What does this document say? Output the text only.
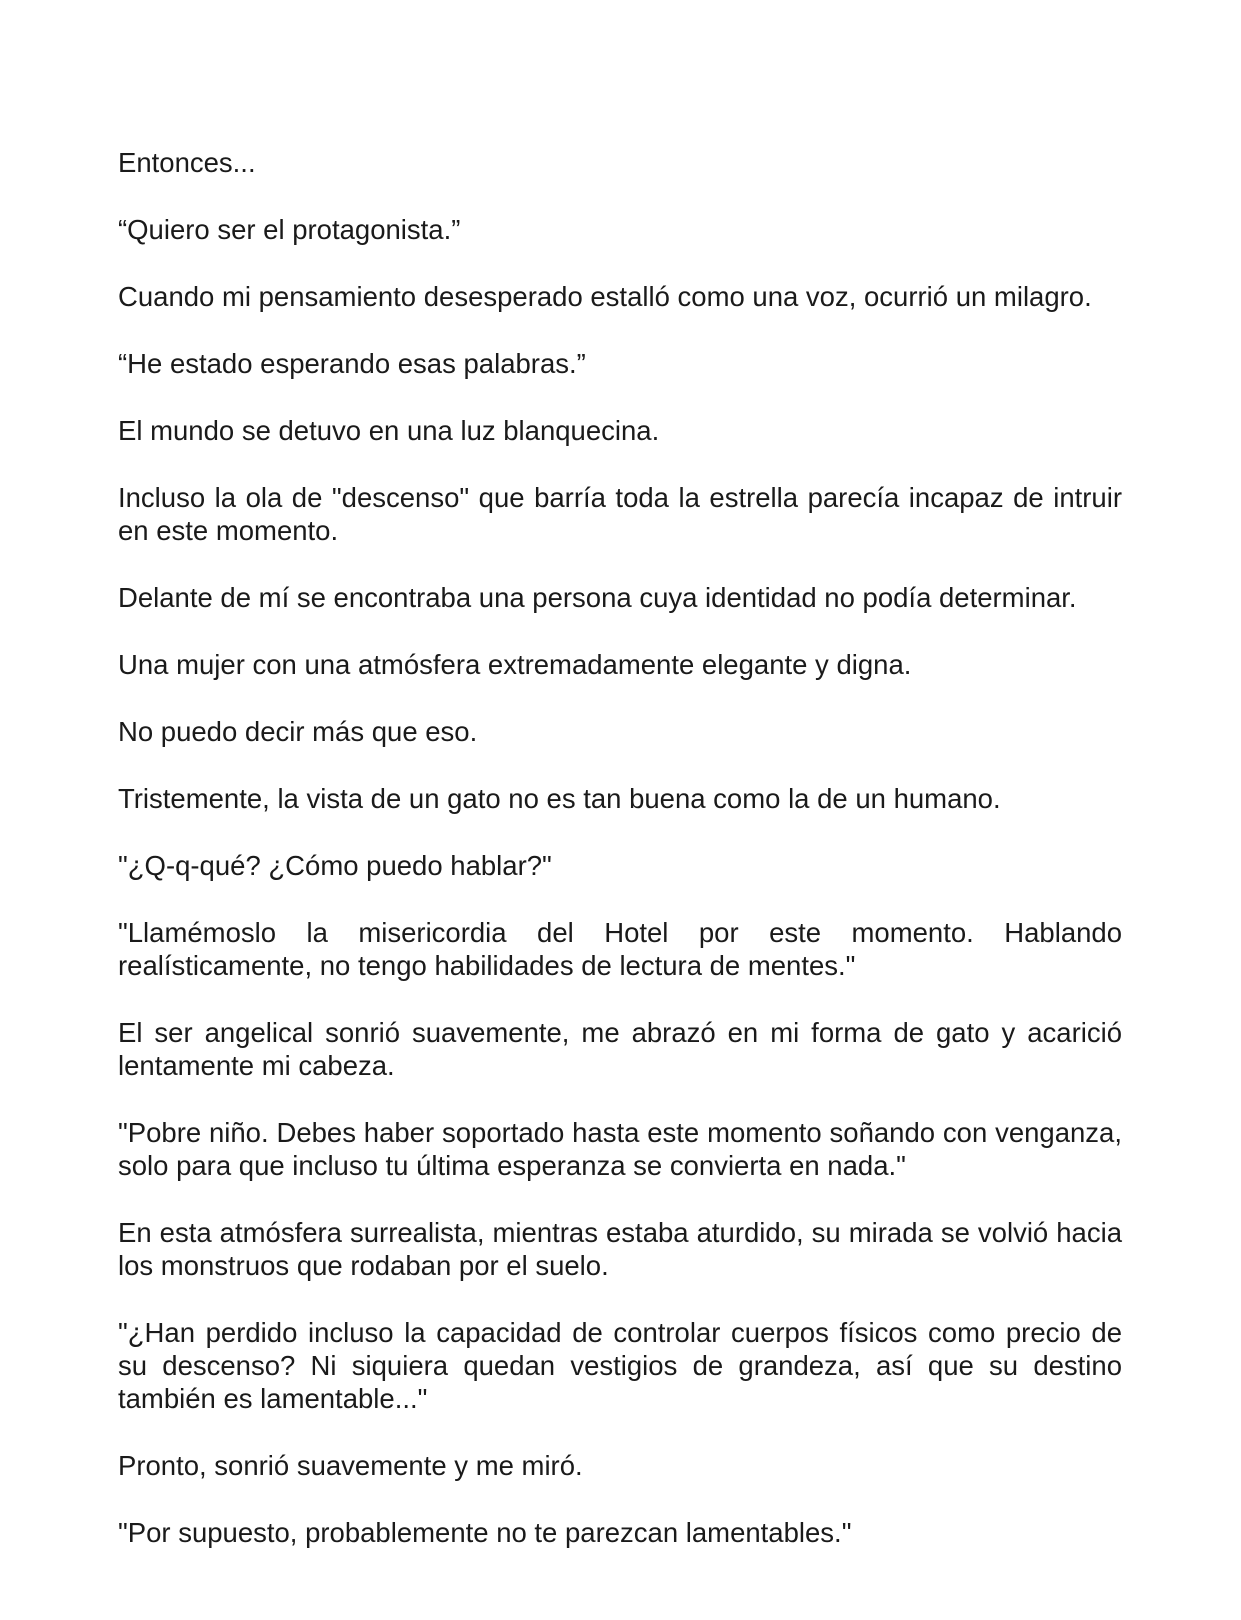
Entonces...

“Quiero ser el protagonista.”

Cuando mi pensamiento desesperado estalló como una voz, ocurrió un milagro.

“He estado esperando esas palabras.”

El mundo se detuvo en una luz blanquecina.

Incluso la ola de "descenso" que barría toda la estrella parecía incapaz de intruir en este momento.

Delante de mí se encontraba una persona cuya identidad no podía determinar.

Una mujer con una atmósfera extremadamente elegante y digna.

No puedo decir más que eso.

Tristemente, la vista de un gato no es tan buena como la de un humano.

"¿Q-q-qué? ¿Cómo puedo hablar?"

"Llamémoslo la misericordia del Hotel por este momento. Hablando realísticamente, no tengo habilidades de lectura de mentes."

El ser angelical sonrió suavemente, me abrazó en mi forma de gato y acarició lentamente mi cabeza.

"Pobre niño. Debes haber soportado hasta este momento soñando con venganza, solo para que incluso tu última esperanza se convierta en nada."

En esta atmósfera surrealista, mientras estaba aturdido, su mirada se volvió hacia los monstruos que rodaban por el suelo.

"¿Han perdido incluso la capacidad de controlar cuerpos físicos como precio de su descenso? Ni siquiera quedan vestigios de grandeza, así que su destino también es lamentable..."

Pronto, sonrió suavemente y me miró.

"Por supuesto, probablemente no te parezcan lamentables."
